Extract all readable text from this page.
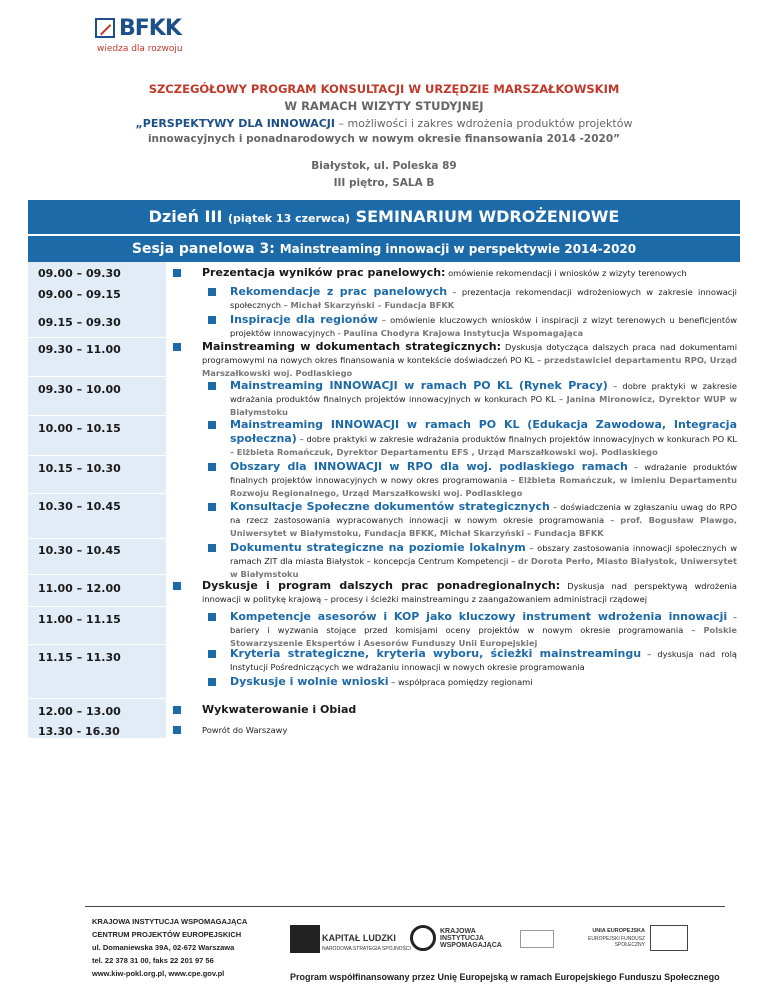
BFKK
wiedza dla rozwoju
SZCZEGÓŁOWY PROGRAM KONSULTACJI W URZĘDZIE MARSZAŁKOWSKIM
W RAMACH WIZYTY STUDYJNEJ
„PERSPEKTYWY DLA INNOWACJI – możliwości i zakres wdrożenia produktów projektów
innowacyjnych i ponadnarodowych w nowym okresie finansowania 2014 -2020”
Białystok, ul. Poleska 89
III piętro, SALA B
Dzień III (piątek 13 czerwca) SEMINARIUM WDROŻENIOWE
Sesja panelowa 3: Mainstreaming innowacji w perspektywie 2014-2020
09.00 – 09.30
09.00 – 09.15
09.15 – 09.30
09.30 – 11.00
09.30 – 10.00
10.00 – 10.15
10.15 – 10.30
10.30 – 10.45
10.30 – 10.45
11.00 – 12.00
11.00 – 11.15
11.15 – 11.30
12.00 – 13.00
13.30 - 16.30
Prezentacja wyników prac panelowych: omówienie rekomendacji i wniosków z wizyty terenowych
Rekomendacje z prac panelowych – prezentacja rekomendacji wdrożeniowych w zakresie innowacji społecznych – Michał Skarzyński – Fundacja BFKK
Inspiracje dla regionów – omówienie kluczowych wniosków i inspiracji z wizyt terenowych u beneficjentów projektów innowacyjnych - Paulina Chodyra Krajowa Instytucja Wspomagająca
Mainstreaming w dokumentach strategicznych: Dyskusja dotycząca dalszych praca nad dokumentami programowymi na nowych okres finansowania w kontekście doświadczeń PO KL – przedstawiciel departamentu RPO, Urząd Marszałkowski woj. Podlaskiego
Mainstreaming INNOWACJI w ramach PO KL (Rynek Pracy) – dobre praktyki w zakresie wdrażania produktów finalnych projektów innowacyjnych w konkurach PO KL – Janina Mironowicz, Dyrektor WUP w Białymstoku
Mainstreaming INNOWACJI w ramach PO KL (Edukacja Zawodowa, Integracja społeczna) – dobre praktyki w zakresie wdrażania produktów finalnych projektów innowacyjnych w konkurach PO KL – Elżbieta Romańczuk, Dyrektor Departamentu EFS , Urząd Marszałkowski woj. Podlaskiego
Obszary dla INNOWACJI w RPO dla woj. podlaskiego ramach – wdrażanie produktów finalnych projektów innowacyjnych w nowy okres programowania – Elżbieta Romańczuk, w imieniu Departamentu Rozwoju Regionalnego, Urząd Marszałkowski woj. Podlaskiego
Konsultacje Społeczne dokumentów strategicznych – doświadczenia w zgłaszaniu uwag do RPO na rzecz zastosowania wypracowanych innowacji w nowym okresie programowania – prof. Bogusław Plawgo, Uniwersytet w Białymstoku, Fundacja BFKK, Michał Skarzyński – Fundacja BFKK
Dokumentu strategiczne na poziomie lokalnym – obszary zastosowania innowacji społecznych w ramach ZIT dla miasta Białystok – koncepcja Centrum Kompetencji – dr Dorota Perło, Miasto Białystok, Uniwersytet w Białymstoku
Dyskusje i program dalszych prac ponadregionalnych: Dyskusja nad perspektywą wdrożenia innowacji w politykę krajową – procesy i ścieżki mainstreamingu z zaangażowaniem administracji rządowej
Kompetencje asesorów i KOP jako kluczowy instrument wdrożenia innowacji – bariery i wyzwania stojące przed komisjami oceny projektów w nowym okresie programowania – Polskie Stowarzyszenie Ekspertów i Asesorów Funduszy Unii Europejskiej
Kryteria strategiczne, kryteria wyboru, ścieżki mainstreamingu – dyskusja nad rolą Instytucji Pośredniczących we wdrażaniu innowacji w nowych okresie programowania
Dyskusje i wolnie wnioski – współpraca pomiędzy regionami
Wykwaterowanie i Obiad
Powrót do Warszawy
KRAJOWA INSTYTUCJA WSPOMAGAJĄCA
CENTRUM PROJEKTÓW EUROPEJSKICH
ul. Domaniewska 39A, 02-672 Warszawa
tel. 22 378 31 00, faks 22 201 97 56
www.kiw-pokl.org.pl, www.cpe.gov.pl
KAPITAŁ LUDZKI
NARODOWA STRATEGIA SPÓJNOŚCI
KRAJOWA INSTYTUCJA WSPOMAGAJĄCA
UNIA EUROPEJSKA
EUROPEJSKI FUNDUSZ SPOŁECZNY
Program współfinansowany przez Unię Europejską w ramach Europejskiego Funduszu Społecznego
